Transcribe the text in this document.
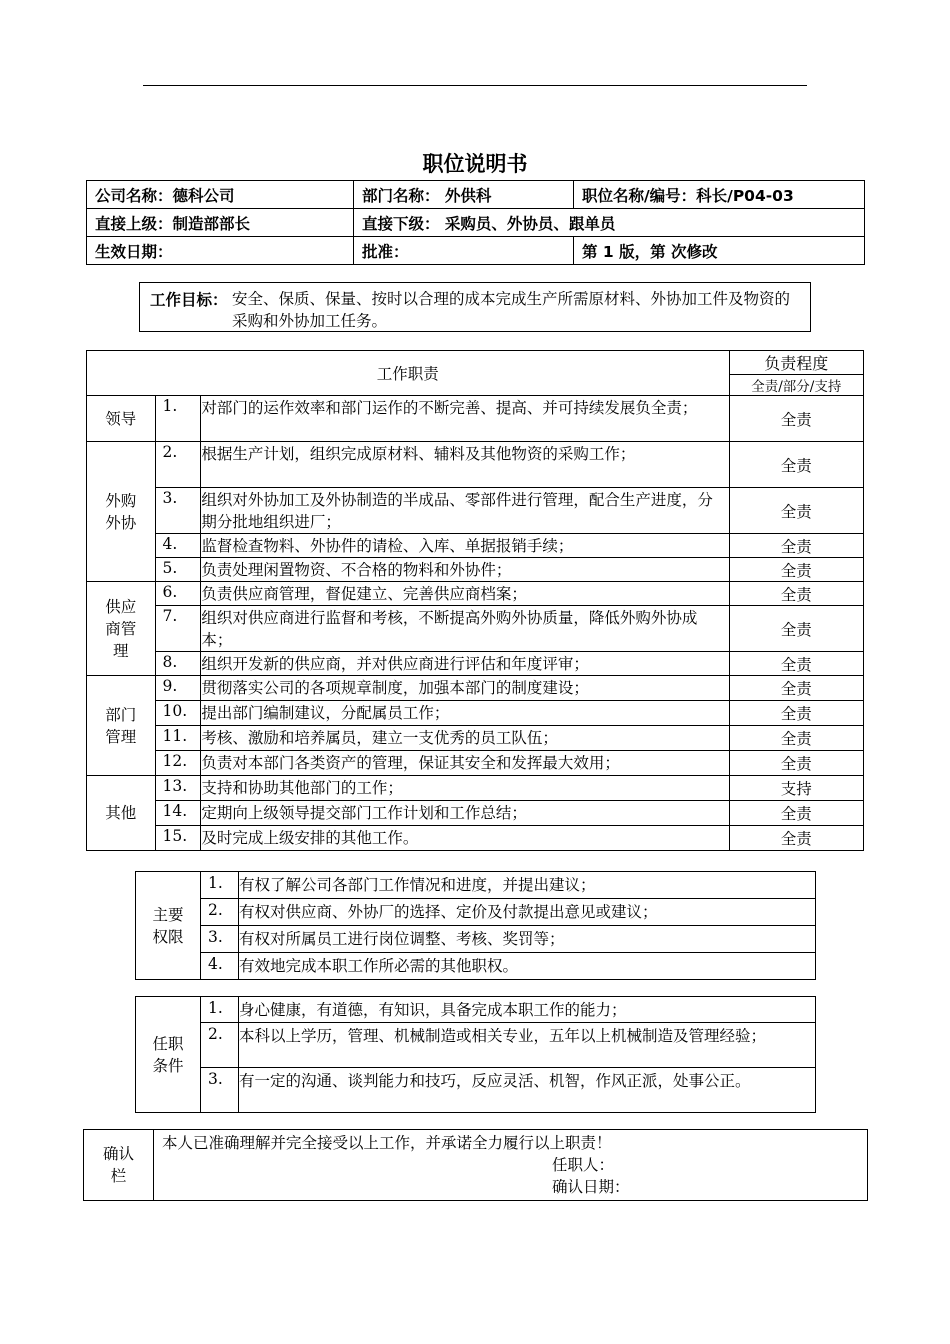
职位说明书
公司名称：德科公司	部门名称： 外供科	职位名称/编号：科长/P04-03
直接上级：制造部部长	直接下级： 采购员、外协员、跟单员	
生效日期：	批准：	第 1 版，第 次修改
工作目标： 安全、保质、保量、按时以合理的成本完成生产所需原材料、外协加工件及物资的采购和外协加工任务。
工作职责			负责程度
			全责/部分/支持
领导	1.	对部门的运作效率和部门运作的不断完善、提高、并可持续发展负全责；	全责
外购外协	2.	根据生产计划，组织完成原材料、辅料及其他物资的采购工作；	全责
	3.	组织对外协加工及外协制造的半成品、零部件进行管理，配合生产进度，分期分批地组织进厂；	全责
	4.	监督检查物料、外协件的请检、入库、单据报销手续；	全责
	5.	负责处理闲置物资、不合格的物料和外协件；	全责
供应商管理	6.	负责供应商管理，督促建立、完善供应商档案；	全责
	7.	组织对供应商进行监督和考核，不断提高外购外协质量，降低外购外协成本；	全责
	8.	组织开发新的供应商，并对供应商进行评估和年度评审；	全责
部门管理	9.	贯彻落实公司的各项规章制度，加强本部门的制度建设；	全责
	10.	提出部门编制建议，分配属员工作；	全责
	11.	考核、激励和培养属员，建立一支优秀的员工队伍；	全责
	12.	负责对本部门各类资产的管理，保证其安全和发挥最大效用；	全责
其他	13.	支持和协助其他部门的工作；	支持
	14.	定期向上级领导提交部门工作计划和工作总结；	全责
	15.	及时完成上级安排的其他工作。	全责
主要权限	1.	有权了解公司各部门工作情况和进度，并提出建议；
	2.	有权对供应商、外协厂的选择、定价及付款提出意见或建议；
	3.	有权对所属员工进行岗位调整、考核、奖罚等；
	4.	有效地完成本职工作所必需的其他职权。
任职条件	1.	身心健康，有道德，有知识，具备完成本职工作的能力；
	2.	本科以上学历，管理、机械制造或相关专业，五年以上机械制造及管理经验；
	3.	有一定的沟通、谈判能力和技巧，反应灵活、机智，作风正派，处事公正。
确认栏	
本人已准确理解并完全接受以上工作，并承诺全力履行以上职责！
任职人：
确认日期：
